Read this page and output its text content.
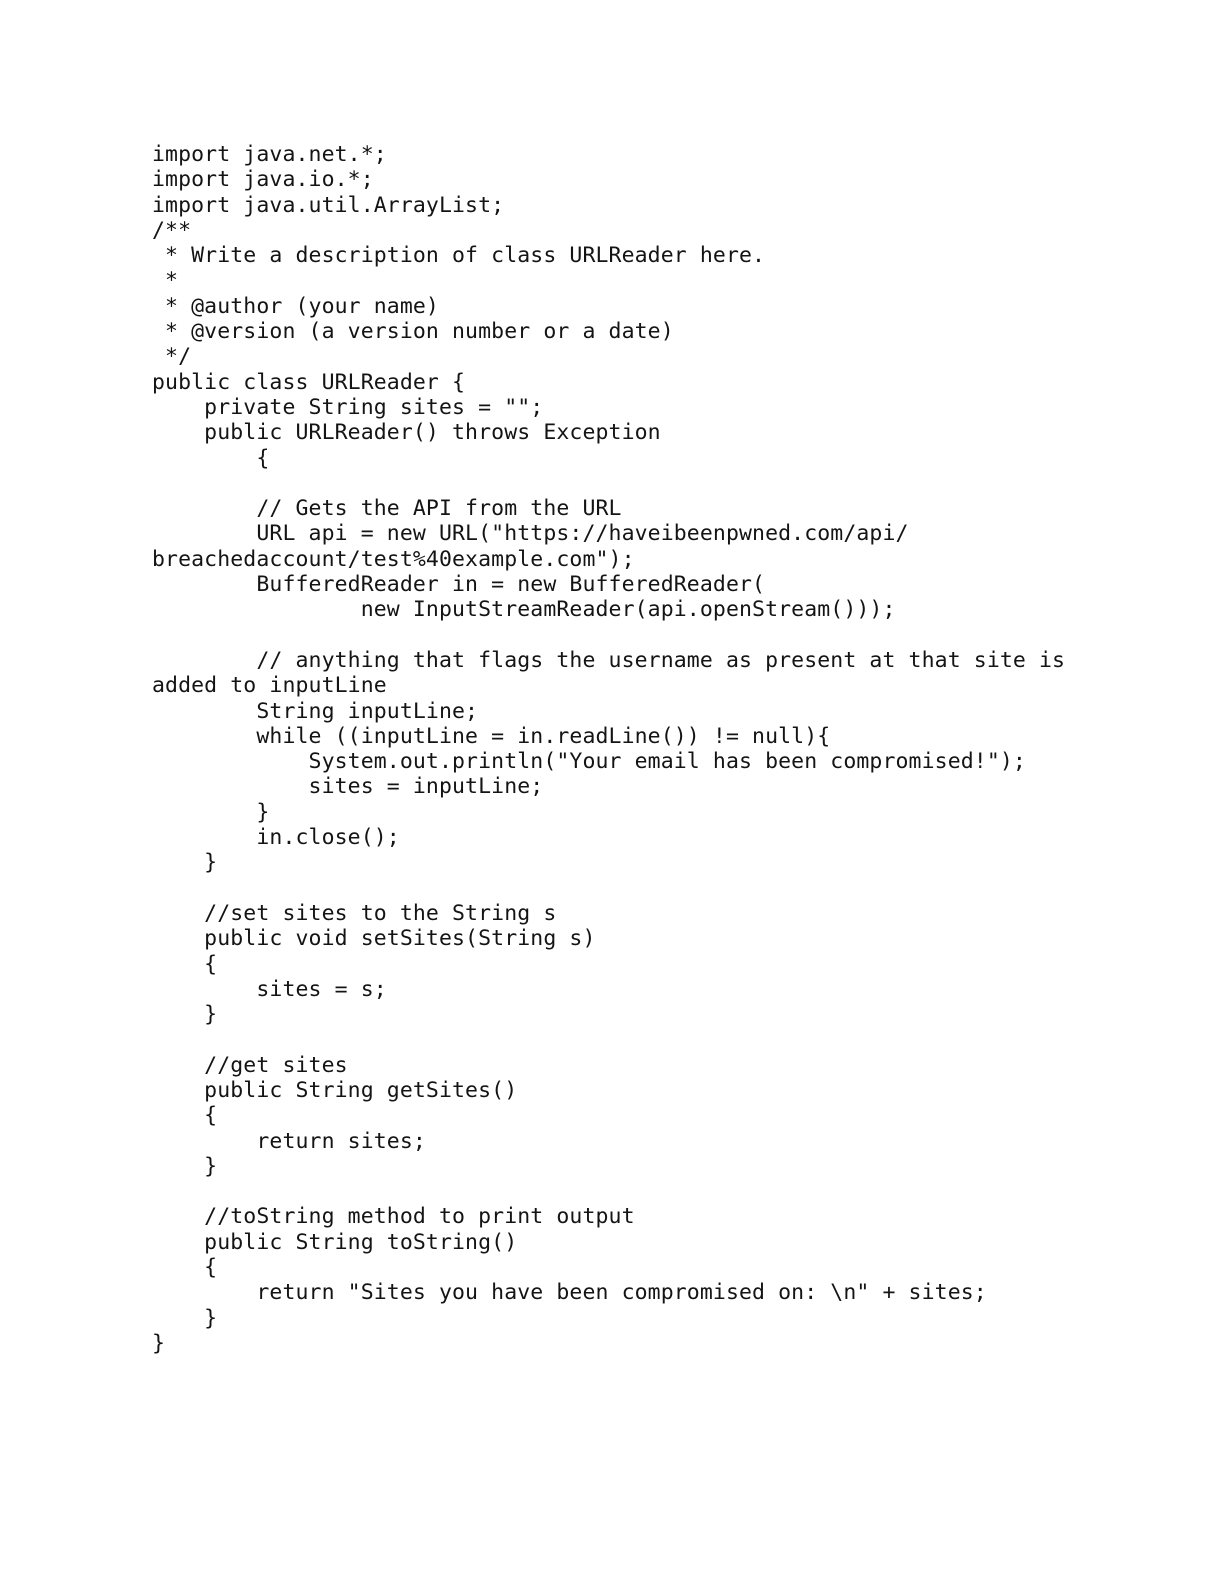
import java.net.*;
import java.io.*;
import java.util.ArrayList;
/**
* Write a description of class URLReader here.
*
* @author (your name)
* @version (a version number or a date)
*/
public class URLReader {
private String sites = "";
public URLReader() throws Exception
{
// Gets the API from the URL
URL api = new URL("https://haveibeenpwned.com/api/
breachedaccount/test%40example.com");
BufferedReader in = new BufferedReader(
new InputStreamReader(api.openStream()));
// anything that flags the username as present at that site is
added to inputLine
String inputLine;
while ((inputLine = in.readLine()) != null){
System.out.println("Your email has been compromised!");
sites = inputLine;
}
in.close();
}
//set sites to the String s
public void setSites(String s)
{
sites = s;
}
//get sites
public String getSites()
{
return sites;
}
//toString method to print output
public String toString()
{
return "Sites you have been compromised on: \n" + sites;
}
}
